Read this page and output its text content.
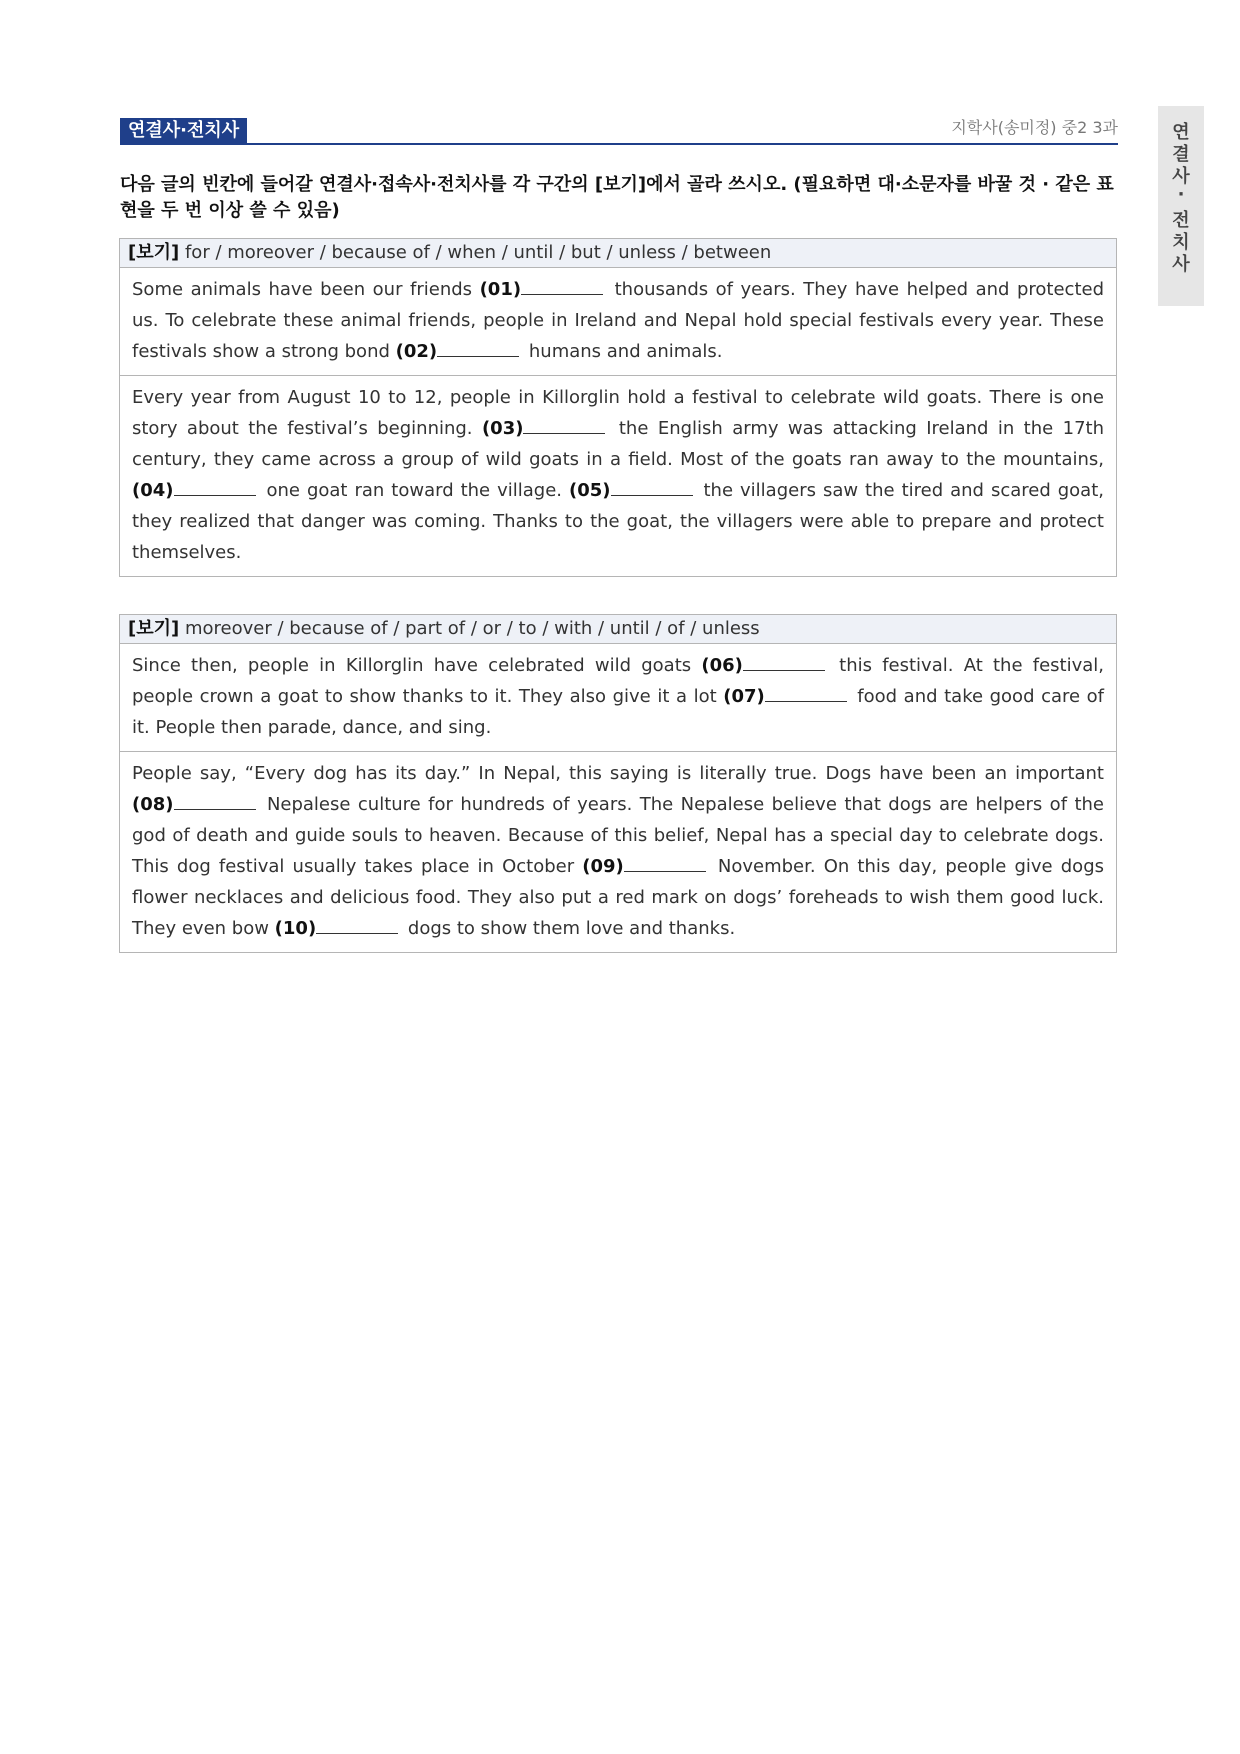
연결사·전치사	지학사(송미정) 중2 3과	연
결
사
·
전
치
사
다음 글의 빈칸에 들어갈 연결사·접속사·전치사를 각 구간의 [보기]에서 골라 쓰시오. (필요하면 대·소문자를 바꿀 것 · 같은 표현을 두 번 이상 쓸 수 있음)
[보기] for / moreover / because of / when / until / but / unless / between
Some animals have been our friends (01)	thousands of years. They have helped and protected us. To celebrate these animal friends, people in Ireland and Nepal hold special festivals every year. These festivals show a strong bond (02)	humans and animals.
Every year from August 10 to 12, people in Killorglin hold a festival to celebrate wild goats. There is one story about the festival’s beginning. (03)	the English army was attacking Ireland in the 17th century, they came across a group of wild goats in a field. Most of the goats ran away to the mountains, (04)	one goat ran toward the village. (05)	the villagers saw the tired and scared goat, they realized that danger was coming. Thanks to the goat, the villagers were able to prepare and protect themselves.
[보기] moreover / because of / part of / or / to / with / until / of / unless
Since then, people in Killorglin have celebrated wild goats (06)	this festival. At the festival, people crown a goat to show thanks to it. They also give it a lot (07)	food and take good care of it. People then parade, dance, and sing.
People say, “Every dog has its day.” In Nepal, this saying is literally true. Dogs have been an important (08)	Nepalese culture for hundreds of years. The Nepalese believe that dogs are helpers of the god of death and guide souls to heaven. Because of this belief, Nepal has a special day to celebrate dogs. This dog festival usually takes place in October (09)	November. On this day, people give dogs flower necklaces and delicious food. They also put a red mark on dogs’ foreheads to wish them good luck. They even bow (10)	dogs to show them love and thanks.
